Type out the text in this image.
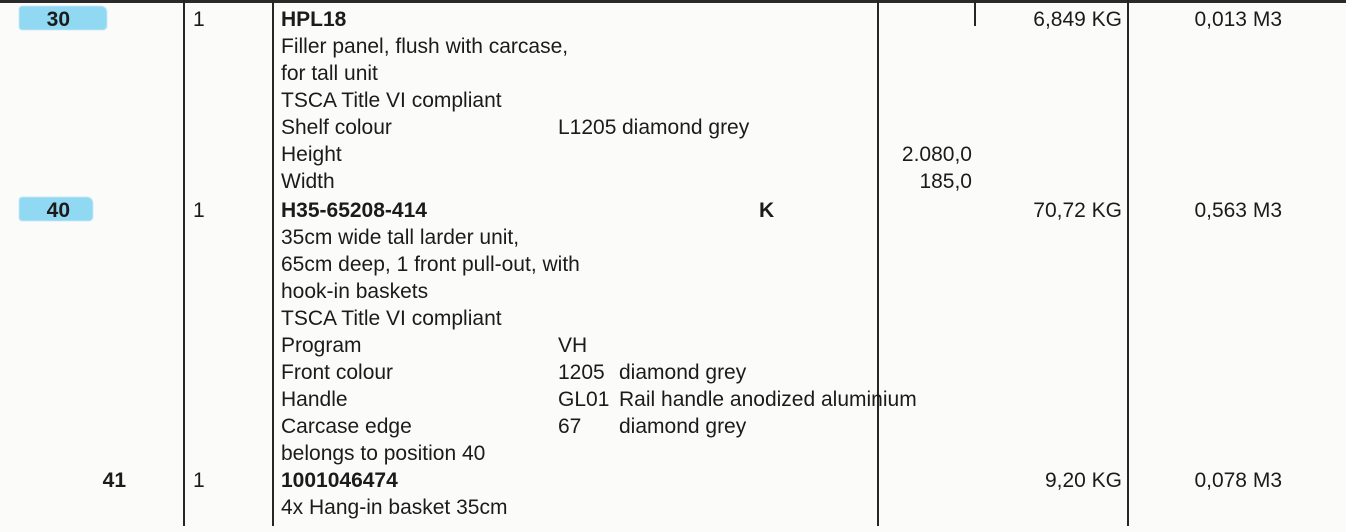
30	1	HPL18	6,849 KG	0,013 M3
Filler panel, flush with carcase,
for tall unit
TSCA Title VI compliant
Shelf colour	L1205 diamond grey
Height	2.080,0
Width	185,0
40	1	H35-65208-414	K	70,72 KG	0,563 M3
35cm wide tall larder unit,
65cm deep, 1 front pull-out, with
hook-in baskets
TSCA Title VI compliant
Program	VH
Front colour	1205 diamond grey
Handle	GL01 Rail handle anodized aluminium
Carcase edge	67 diamond grey
belongs to position 40
41	1	1001046474	9,20 KG	0,078 M3
4x Hang-in basket 35cm
